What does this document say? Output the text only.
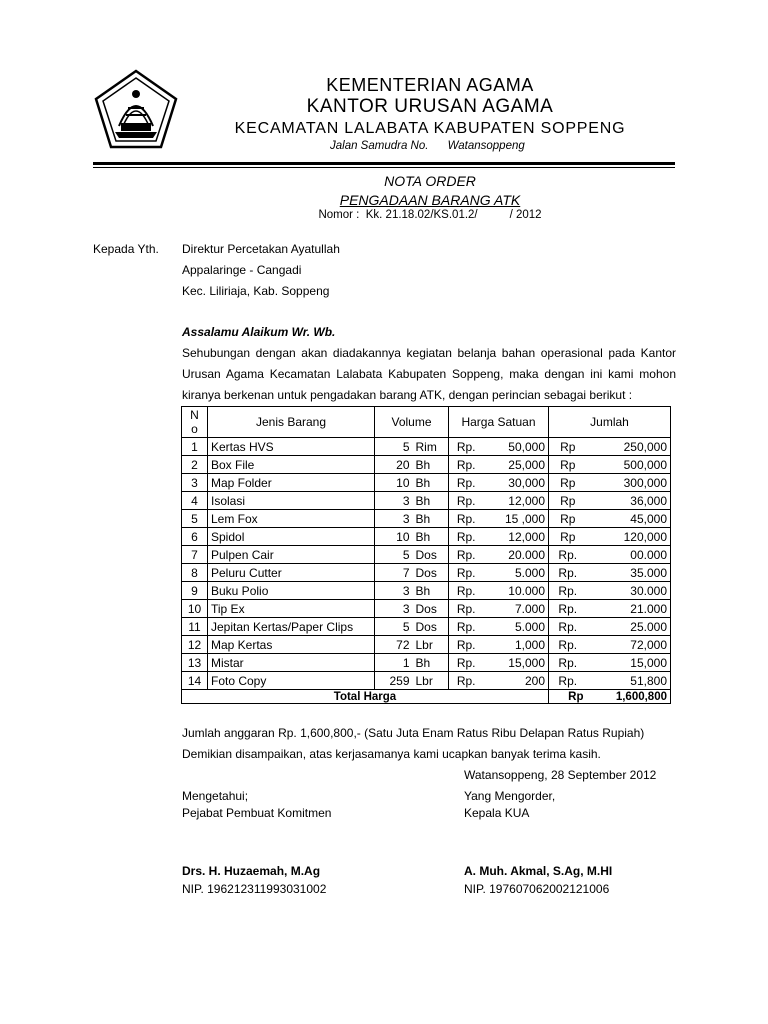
KEMENTERIAN AGAMA
KANTOR URUSAN AGAMA
KECAMATAN LALABATA KABUPATEN SOPPENG
Jalan Samudra No.      Watansoppeng
NOTA ORDER
PENGADAAN BARANG ATK
Nomor :  Kk. 21.18.02/KS.01.2/          / 2012
Kepada Yth. Direktur Percetakan Ayatullah
Appalaringe - Cangadi
Kec. Liliriaja, Kab. Soppeng
Assalamu Alaikum Wr. Wb.
Sehubungan dengan akan diadakannya kegiatan belanja bahan operasional pada Kantor
Urusan Agama Kecamatan Lalabata Kabupaten Soppeng, maka dengan ini kami mohon
kiranya berkenan untuk pengadakan barang ATK, dengan perincian sebagai berikut :
N
o	Jenis Barang	Volume		Harga Satuan		Jumlah	
1	Kertas HVS	5	Rim	Rp.	50,000	Rp	250,000
2	Box File	20	Bh	Rp.	25,000	Rp	500,000
3	Map Folder	10	Bh	Rp.	30,000	Rp	300,000
4	Isolasi	3	Bh	Rp.	12,000	Rp	36,000
5	Lem Fox	3	Bh	Rp.	15 ,000	Rp	45,000
6	Spidol	10	Bh	Rp.	12,000	Rp	120,000
7	Pulpen Cair	5	Dos	Rp.	20.000	Rp.	00.000
8	Peluru Cutter	7	Dos	Rp.	5.000	Rp.	35.000
9	Buku Polio	3	Bh	Rp.	10.000	Rp.	30.000
10	Tip Ex	3	Dos	Rp.	7.000	Rp.	21.000
11	Jepitan Kertas/Paper Clips	5	Dos	Rp.	5.000	Rp.	25.000
12	Map Kertas	72	Lbr	Rp.	1,000	Rp.	72,000
13	Mistar	1	Bh	Rp.	15,000	Rp.	15,000
14	Foto Copy	259	Lbr	Rp.	200	Rp.	51,800
Total Harga						Rp	1,600,800
Jumlah anggaran Rp. 1,600,800,- (Satu Juta Enam Ratus Ribu Delapan Ratus Rupiah)
Demikian disampaikan, atas kerjasamanya kami ucapkan banyak terima kasih.
Watansoppeng, 28 September 2012
Mengetahui;
Pejabat Pembuat Komitmen
Drs. H. Huzaemah, M.Ag
NIP. 196212311993031002
Yang Mengorder,
Kepala KUA
A. Muh. Akmal, S.Ag, M.HI
NIP. 197607062002121006
